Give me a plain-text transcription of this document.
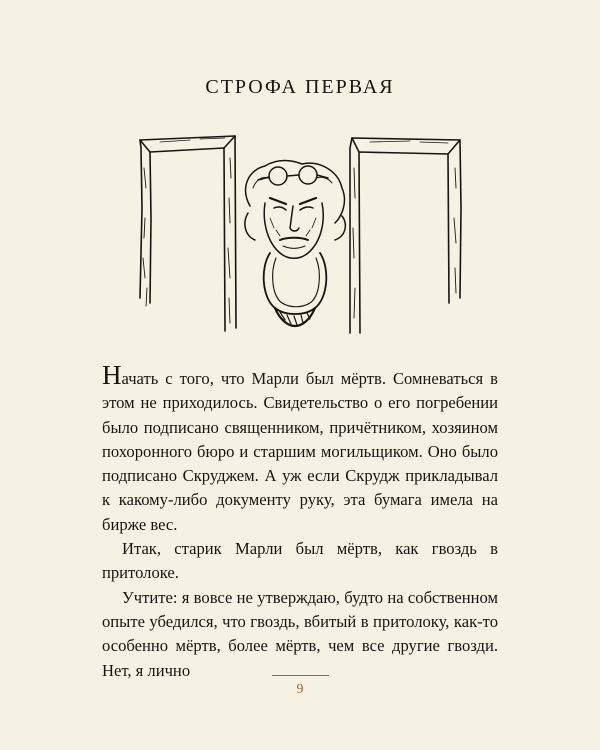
СТРОФА ПЕРВАЯ

Начать с того, что Марли был мёртв. Сомневаться в этом не приходилось. Свидетельство о его погребении было подписано священником, причётником, хозяином похоронного бюро и старшим могильщиком. Оно было подписано Скруджем. А уж если Скрудж прикладывал к какому-либо документу руку, эта бумага имела на бирже вес.

Итак, старик Марли был мёртв, как гвоздь в притолоке.

Учтите: я вовсе не утверждаю, будто на собственном опыте убедился, что гвоздь, вбитый в притолоку, как-то особенно мёртв, более мёртв, чем все другие гвозди. Нет, я лично

9
